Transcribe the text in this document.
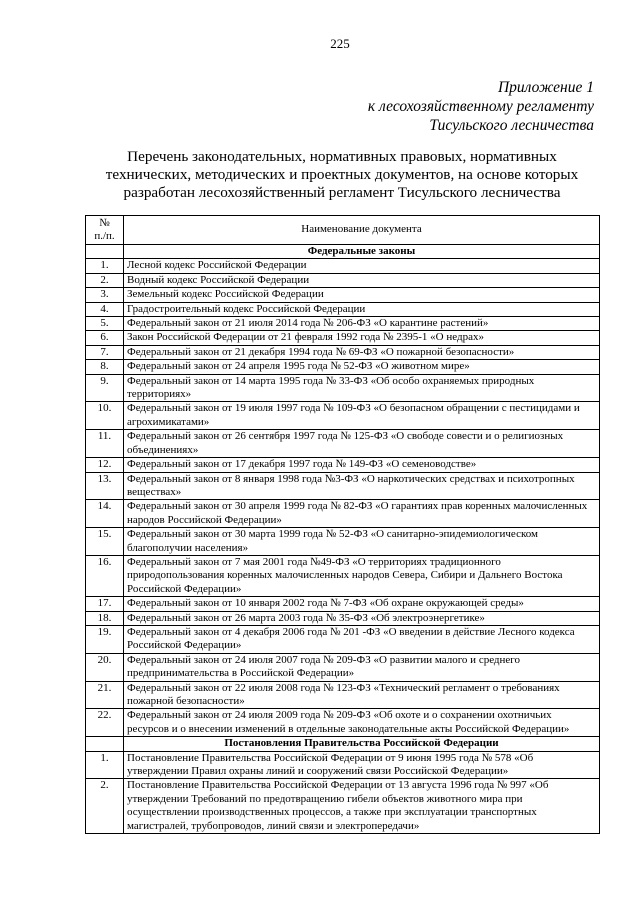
225
Приложение 1
к лесохозяйственному регламенту
Тисульского лесничества
Перечень законодательных, нормативных правовых, нормативных
технических, методических и проектных документов, на основе которых
разработан лесохозяйственный регламент Тисульского лесничества
№
п./п.	Наименование документа
	Федеральные законы
1.	Лесной кодекс Российской Федерации
2.	Водный кодекс Российской Федерации
3.	Земельный кодекс Российской Федерации
4.	Градостроительный кодекс Российской Федерации
5.	Федеральный закон от 21 июля 2014 года № 206-ФЗ «О карантине растений»
6.	Закон Российской Федерации от 21 февраля 1992 года № 2395-1 «О недрах»
7.	Федеральный закон от 21 декабря 1994 года № 69-ФЗ «О пожарной безопасности»
8.	Федеральный закон от 24 апреля 1995 года № 52-ФЗ «О животном мире»
9.	Федеральный закон от 14 марта 1995 года № 33-ФЗ «Об особо охраняемых природных территориях»
10.	Федеральный закон от 19 июля 1997 года № 109-ФЗ «О безопасном обращении с пестицидами и агрохимикатами»
11.	Федеральный закон от 26 сентября 1997 года № 125-ФЗ «О свободе совести и о религиозных объединениях»
12.	Федеральный закон от 17 декабря 1997 года № 149-ФЗ «О семеноводстве»
13.	Федеральный закон от 8 января 1998 года №3-ФЗ «О наркотических средствах и психотропных веществах»
14.	Федеральный закон от 30 апреля 1999 года № 82-ФЗ «О гарантиях прав коренных малочисленных народов Российской Федерации»
15.	Федеральный закон от 30 марта 1999 года № 52-ФЗ «О санитарно-эпидемиологическом благополучии населения»
16.	Федеральный закон от 7 мая 2001 года №49-ФЗ «О территориях традиционного природопользования коренных малочисленных народов Севера, Сибири и Дальнего Востока Российской Федерации»
17.	Федеральный закон от 10 января 2002 года № 7-ФЗ «Об охране окружающей среды»
18.	Федеральный закон от 26 марта 2003 года № 35-ФЗ «Об электроэнергетике»
19.	Федеральный закон от 4 декабря 2006 года № 201 -ФЗ «О введении в действие Лесного кодекса Российской Федерации»
20.	Федеральный закон от 24 июля 2007 года № 209-ФЗ «О развитии малого и среднего предпринимательства в Российской Федерации»
21.	Федеральный закон от 22 июля 2008 года № 123-ФЗ «Технический регламент о требованиях пожарной безопасности»
22.	Федеральный закон от 24 июля 2009 года № 209-ФЗ «Об охоте и о сохранении охотничьих ресурсов и о внесении изменений в отдельные законодательные акты Российской Федерации»
	Постановления Правительства Российской Федерации
1.	Постановление Правительства Российской Федерации от 9 июня 1995 года № 578 «Об утверждении Правил охраны линий и сооружений связи Российской Федерации»
2.	Постановление Правительства Российской Федерации от 13 августа 1996 года № 997 «Об утверждении Требований по предотвращению гибели объектов животного мира при осуществлении производственных процессов, а также при эксплуатации транспортных магистралей, трубопроводов, линий связи и электропередачи»
